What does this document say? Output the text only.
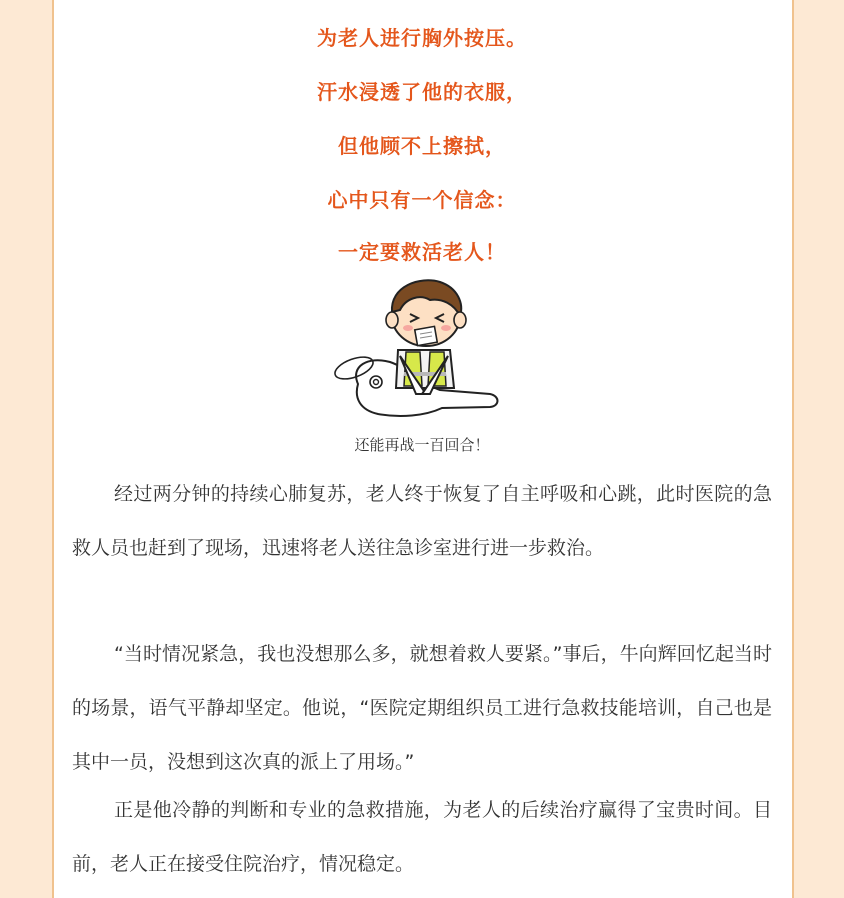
为老人进行胸外按压。
汗水浸透了他的衣服，
但他顾不上擦拭，
心中只有一个信念：
一定要救活老人！
还能再战一百回合！

经过两分钟的持续心肺复苏，老人终于恢复了自主呼吸和心跳，此时医院的急救人员也赶到了现场，迅速将老人送往急诊室进行进一步救治。

“当时情况紧急，我也没想那么多，就想着救人要紧。”事后，牛向辉回忆起当时的场景，语气平静却坚定。他说，“医院定期组织员工进行急救技能培训，自己也是其中一员，没想到这次真的派上了用场。”

正是他冷静的判断和专业的急救措施，为老人的后续治疗赢得了宝贵时间。目前，老人正在接受住院治疗，情况稳定。
